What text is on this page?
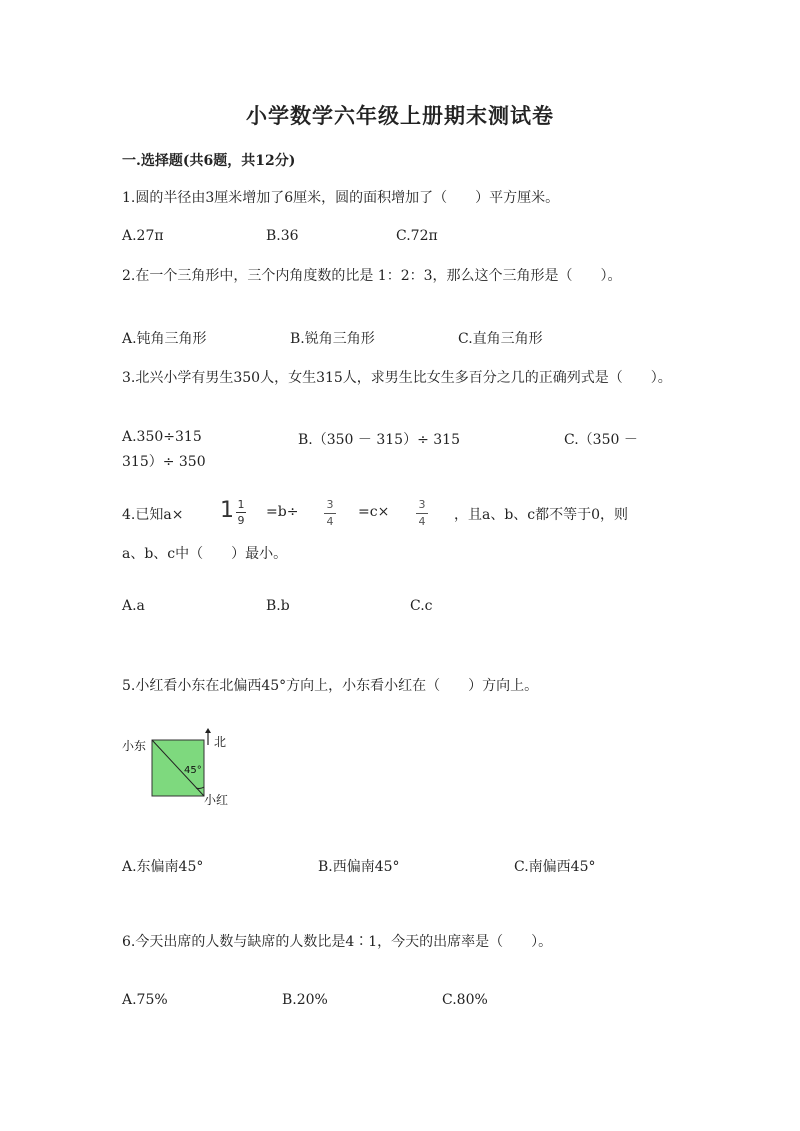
小学数学六年级上册期末测试卷
一.选择题(共6题，共12分)
1.圆的半径由3厘米增加了6厘米，圆的面积增加了（　　）平方厘米。
A.27π	B.36	C.72π
2.在一个三角形中，三个内角度数的比是 1：2：3，那么这个三角形是（　　）。
A.钝角三角形	B.锐角三角形	C.直角三角形
3.北兴小学有男生350人，女生315人，求男生比女生多百分之几的正确列式是（　　）。
A.350÷315	B.（350 － 315）÷ 315	C.（350 －
315）÷ 350
4.已知a× 1 1
9
=b÷	3
4
=c×	3
4 ，且a、b、c都不等于0，则
a、b、c中（　　）最小。
A.a	B.b	C.c
5.小红看小东在北偏西45°方向上，小东看小红在（　　）方向上。
小东	北
45°
小红
A.东偏南45°	B.西偏南45°	C.南偏西45°
6.今天出席的人数与缺席的人数比是4∶1，今天的出席率是（　　）。
A.75%	B.20%	C.80%
